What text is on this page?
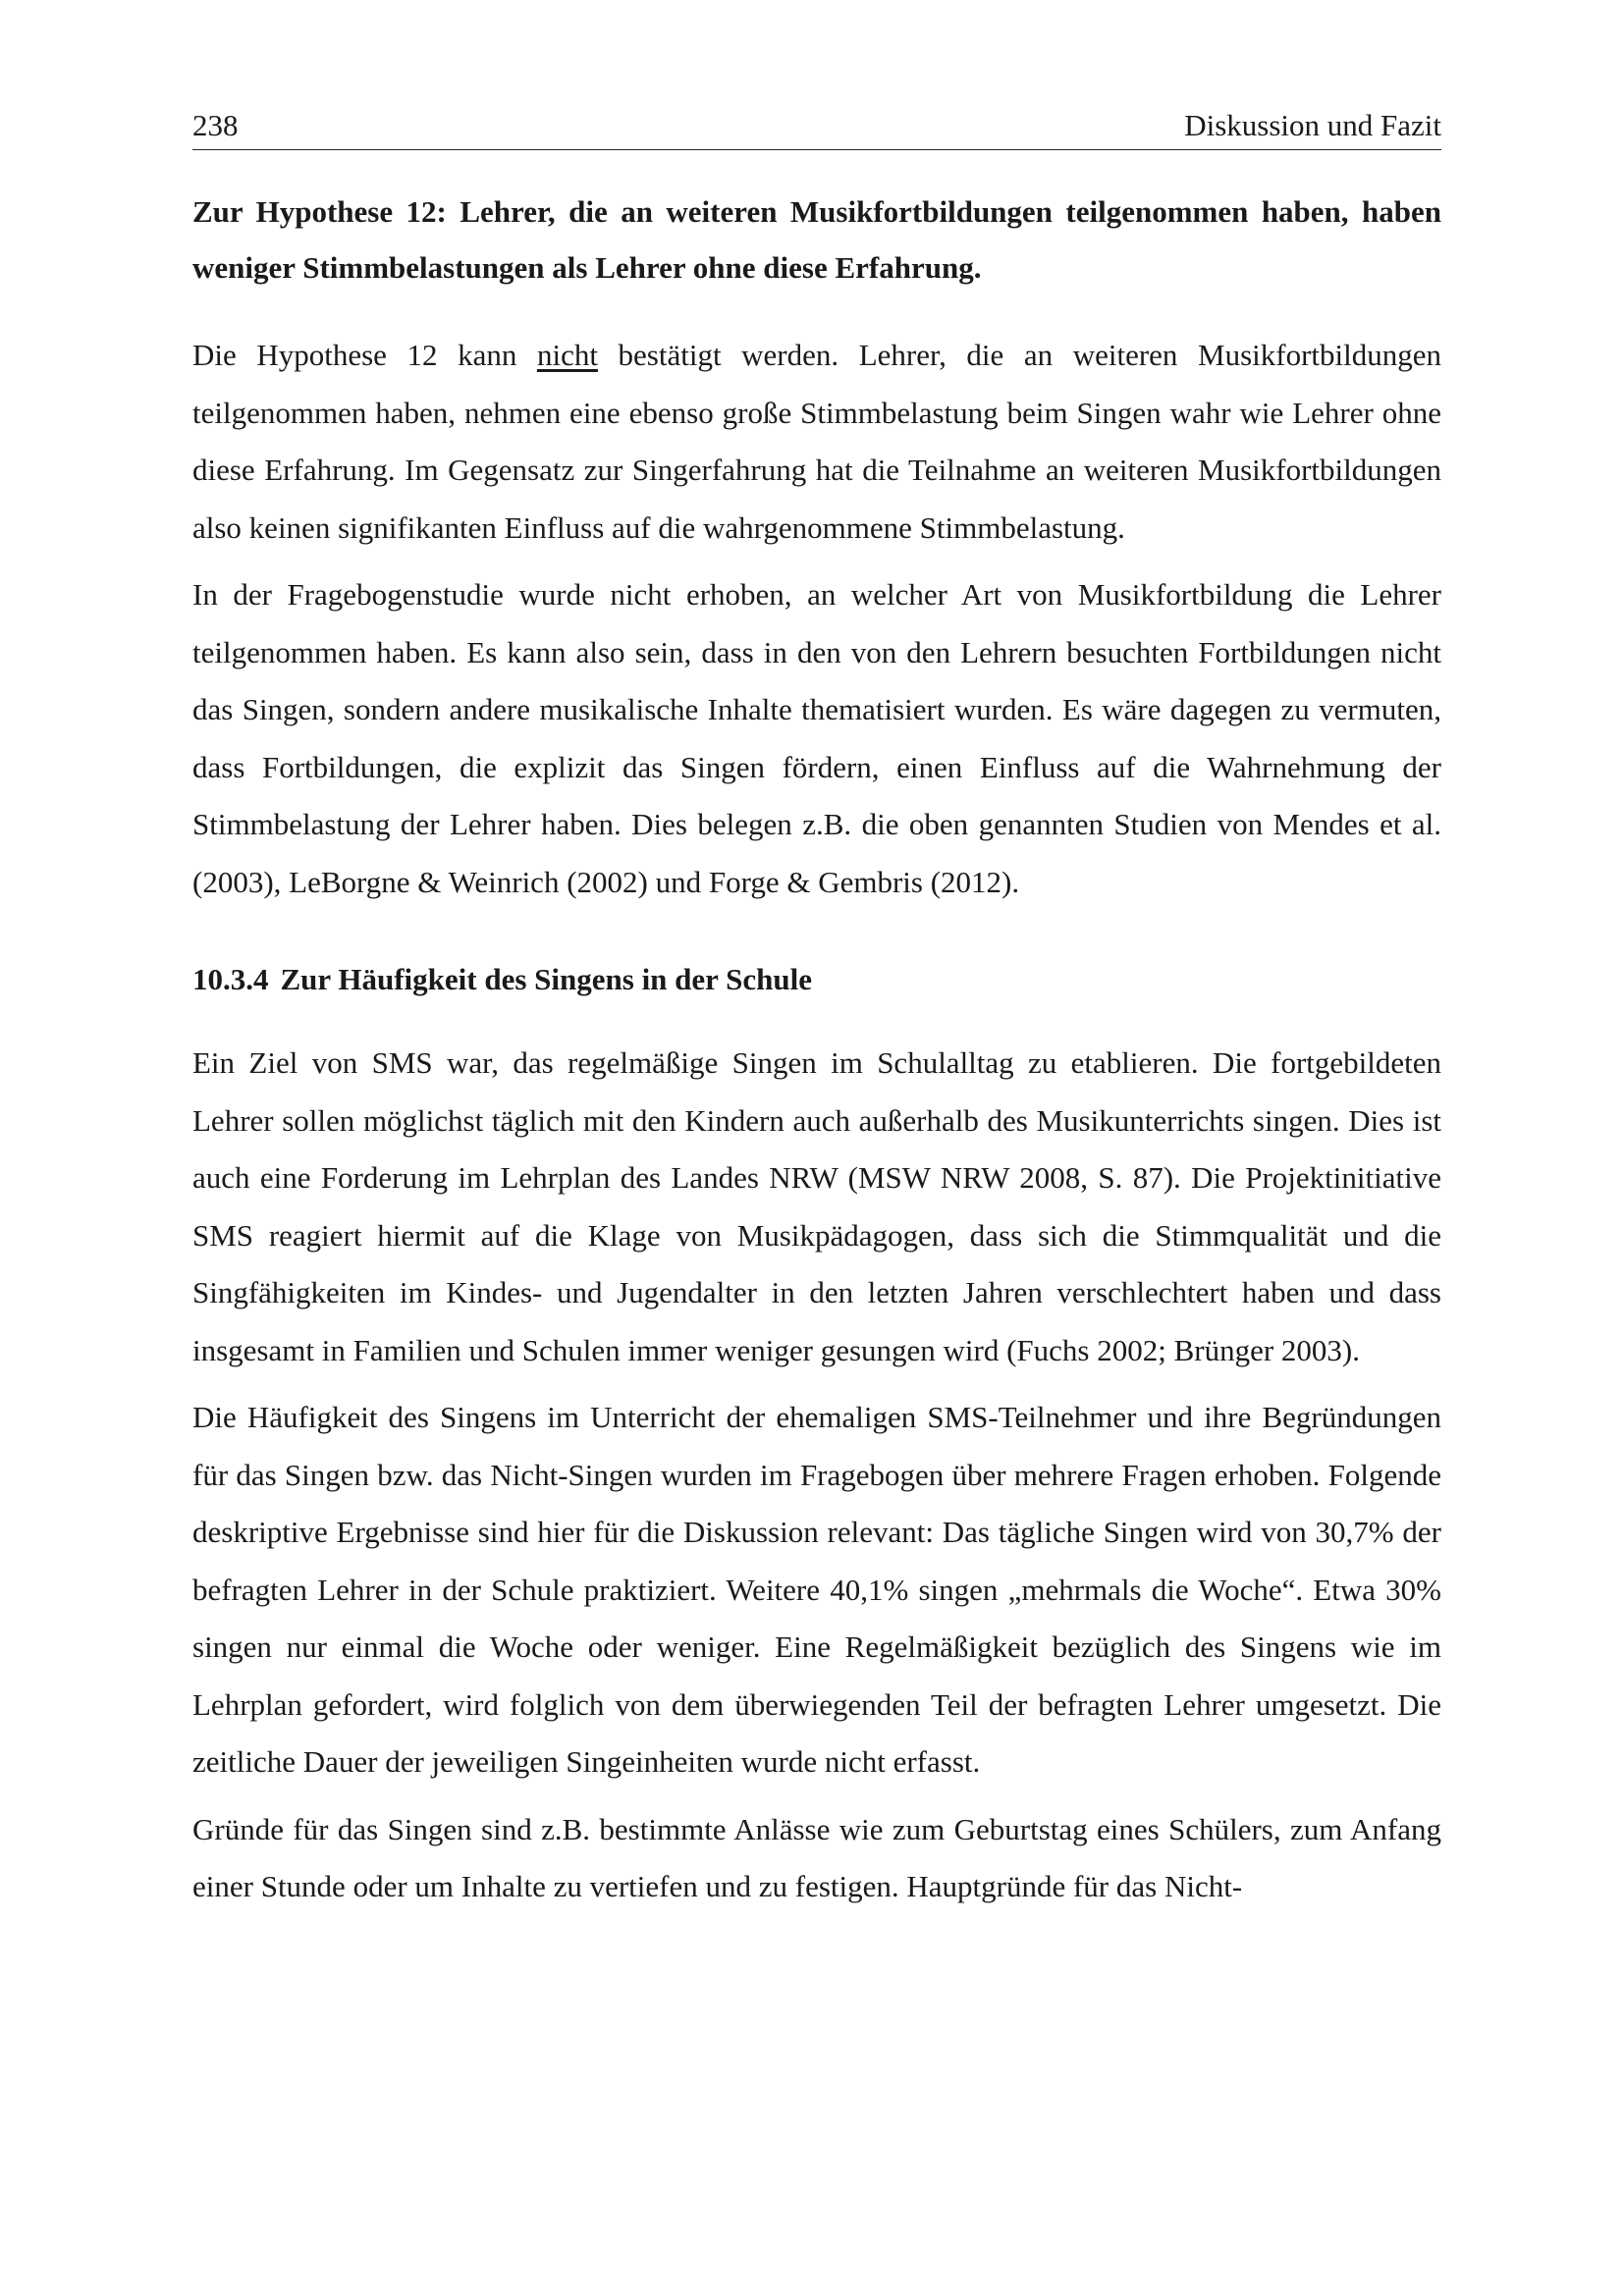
238	Diskussion und Fazit
Zur Hypothese 12: Lehrer, die an weiteren Musikfortbildungen teilgenommen haben, haben weniger Stimmbelastungen als Lehrer ohne diese Erfahrung.

Die Hypothese 12 kann nicht bestätigt werden. Lehrer, die an weiteren Musikfortbildungen teilgenommen haben, nehmen eine ebenso große Stimmbelastung beim Singen wahr wie Lehrer ohne diese Erfahrung. Im Gegensatz zur Singerfahrung hat die Teilnahme an weiteren Musikfortbildungen also keinen signifikanten Einfluss auf die wahrgenommene Stimmbelastung.

In der Fragebogenstudie wurde nicht erhoben, an welcher Art von Musikfortbildung die Lehrer teilgenommen haben. Es kann also sein, dass in den von den Lehrern besuchten Fortbildungen nicht das Singen, sondern andere musikalische Inhalte thematisiert wurden. Es wäre dagegen zu vermuten, dass Fortbildungen, die explizit das Singen fördern, einen Einfluss auf die Wahrnehmung der Stimmbelastung der Lehrer haben. Dies belegen z.B. die oben genannten Studien von Mendes et al. (2003), LeBorgne & Weinrich (2002) und Forge & Gembris (2012).

10.3.4 Zur Häufigkeit des Singens in der Schule

Ein Ziel von SMS war, das regelmäßige Singen im Schulalltag zu etablieren. Die fortgebildeten Lehrer sollen möglichst täglich mit den Kindern auch außerhalb des Musikunterrichts singen. Dies ist auch eine Forderung im Lehrplan des Landes NRW (MSW NRW 2008, S. 87). Die Projektinitiative SMS reagiert hiermit auf die Klage von Musikpädagogen, dass sich die Stimmqualität und die Singfähigkeiten im Kindes- und Jugendalter in den letzten Jahren verschlechtert haben und dass insgesamt in Familien und Schulen immer weniger gesungen wird (Fuchs 2002; Brünger 2003).

Die Häufigkeit des Singens im Unterricht der ehemaligen SMS-Teilnehmer und ihre Begründungen für das Singen bzw. das Nicht-Singen wurden im Fragebogen über mehrere Fragen erhoben. Folgende deskriptive Ergebnisse sind hier für die Diskussion relevant: Das tägliche Singen wird von 30,7% der befragten Lehrer in der Schule praktiziert. Weitere 40,1% singen „mehrmals die Woche“. Etwa 30% singen nur einmal die Woche oder weniger. Eine Regelmäßigkeit bezüglich des Singens wie im Lehrplan gefordert, wird folglich von dem überwiegenden Teil der befragten Lehrer umgesetzt. Die zeitliche Dauer der jeweiligen Singeinheiten wurde nicht erfasst.

Gründe für das Singen sind z.B. bestimmte Anlässe wie zum Geburtstag eines Schülers, zum Anfang einer Stunde oder um Inhalte zu vertiefen und zu festigen. Hauptgründe für das Nicht-
